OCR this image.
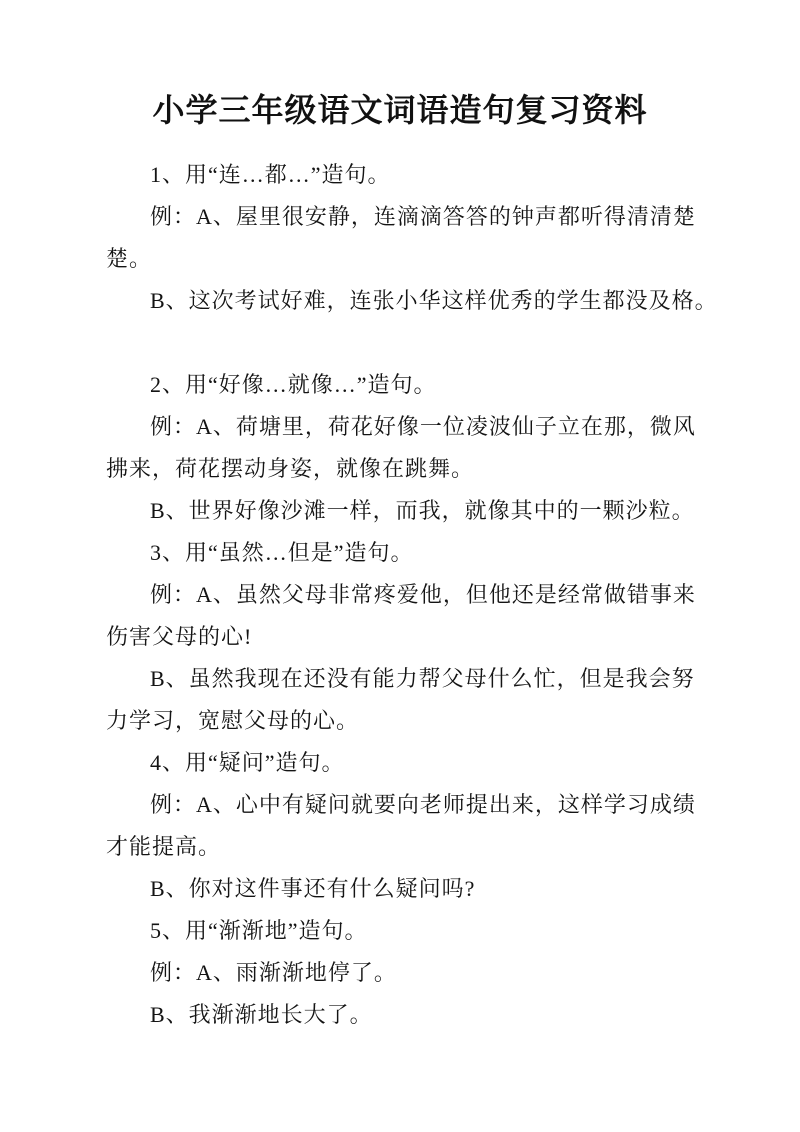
小学三年级语文词语造句复习资料
1、用“连…都…”造句。
例：A、屋里很安静，连滴滴答答的钟声都听得清清楚
楚。
B、这次考试好难，连张小华这样优秀的学生都没及格。
2、用“好像…就像…”造句。
例：A、荷塘里，荷花好像一位凌波仙子立在那，微风
拂来，荷花摆动身姿，就像在跳舞。
B、世界好像沙滩一样，而我，就像其中的一颗沙粒。
3、用“虽然…但是”造句。
例：A、虽然父母非常疼爱他，但他还是经常做错事来
伤害父母的心!
B、虽然我现在还没有能力帮父母什么忙，但是我会努
力学习，宽慰父母的心。
4、用“疑问”造句。
例：A、心中有疑问就要向老师提出来，这样学习成绩
才能提高。
B、你对这件事还有什么疑问吗?
5、用“渐渐地”造句。
例：A、雨渐渐地停了。
B、我渐渐地长大了。
